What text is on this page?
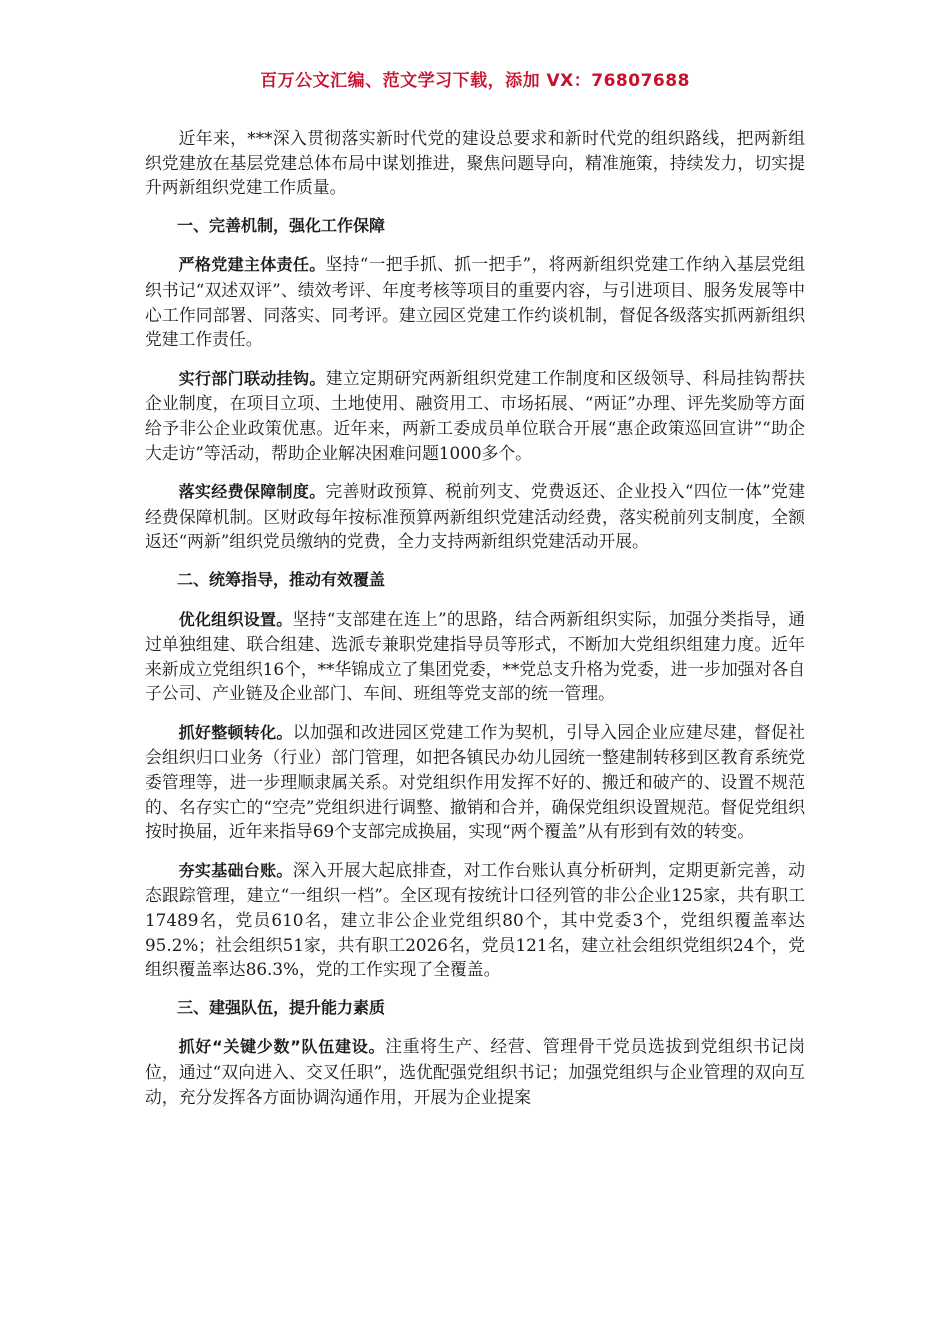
百万公文汇编、范文学习下载，添加 VX：76807688

近年来，***深入贯彻落实新时代党的建设总要求和新时代党的组织路线，把两新组织党建放在基层党建总体布局中谋划推进，聚焦问题导向，精准施策，持续发力，切实提升两新组织党建工作质量。

一、完善机制，强化工作保障

严格党建主体责任。坚持“一把手抓、抓一把手”，将两新组织党建工作纳入基层党组织书记“双述双评”、绩效考评、年度考核等项目的重要内容，与引进项目、服务发展等中心工作同部署、同落实、同考评。建立园区党建工作约谈机制，督促各级落实抓两新组织党建工作责任。

实行部门联动挂钩。建立定期研究两新组织党建工作制度和区级领导、科局挂钩帮扶企业制度，在项目立项、土地使用、融资用工、市场拓展、“两证”办理、评先奖励等方面给予非公企业政策优惠。近年来，两新工委成员单位联合开展“惠企政策巡回宣讲”“助企大走访”等活动，帮助企业解决困难问题1000多个。

落实经费保障制度。完善财政预算、税前列支、党费返还、企业投入“四位一体”党建经费保障机制。区财政每年按标准预算两新组织党建活动经费，落实税前列支制度，全额返还“两新”组织党员缴纳的党费，全力支持两新组织党建活动开展。

二、统筹指导，推动有效覆盖

优化组织设置。坚持“支部建在连上”的思路，结合两新组织实际，加强分类指导，通过单独组建、联合组建、选派专兼职党建指导员等形式，不断加大党组织组建力度。近年来新成立党组织16个，**华锦成立了集团党委，**党总支升格为党委，进一步加强对各自子公司、产业链及企业部门、车间、班组等党支部的统一管理。

抓好整顿转化。以加强和改进园区党建工作为契机，引导入园企业应建尽建，督促社会组织归口业务（行业）部门管理，如把各镇民办幼儿园统一整建制转移到区教育系统党委管理等，进一步理顺隶属关系。对党组织作用发挥不好的、搬迁和破产的、设置不规范的、名存实亡的“空壳”党组织进行调整、撤销和合并，确保党组织设置规范。督促党组织按时换届，近年来指导69个支部完成换届，实现“两个覆盖”从有形到有效的转变。

夯实基础台账。深入开展大起底排查，对工作台账认真分析研判，定期更新完善，动态跟踪管理，建立“一组织一档”。全区现有按统计口径列管的非公企业125家，共有职工17489名，党员610名，建立非公企业党组织80个，其中党委3个，党组织覆盖率达95.2%；社会组织51家，共有职工2026名，党员121名，建立社会组织党组织24个，党组织覆盖率达86.3%，党的工作实现了全覆盖。

三、建强队伍，提升能力素质

抓好“关键少数”队伍建设。注重将生产、经营、管理骨干党员选拔到党组织书记岗位，通过“双向进入、交叉任职”，选优配强党组织书记；加强党组织与企业管理的双向互动，充分发挥各方面协调沟通作用，开展为企业提案
